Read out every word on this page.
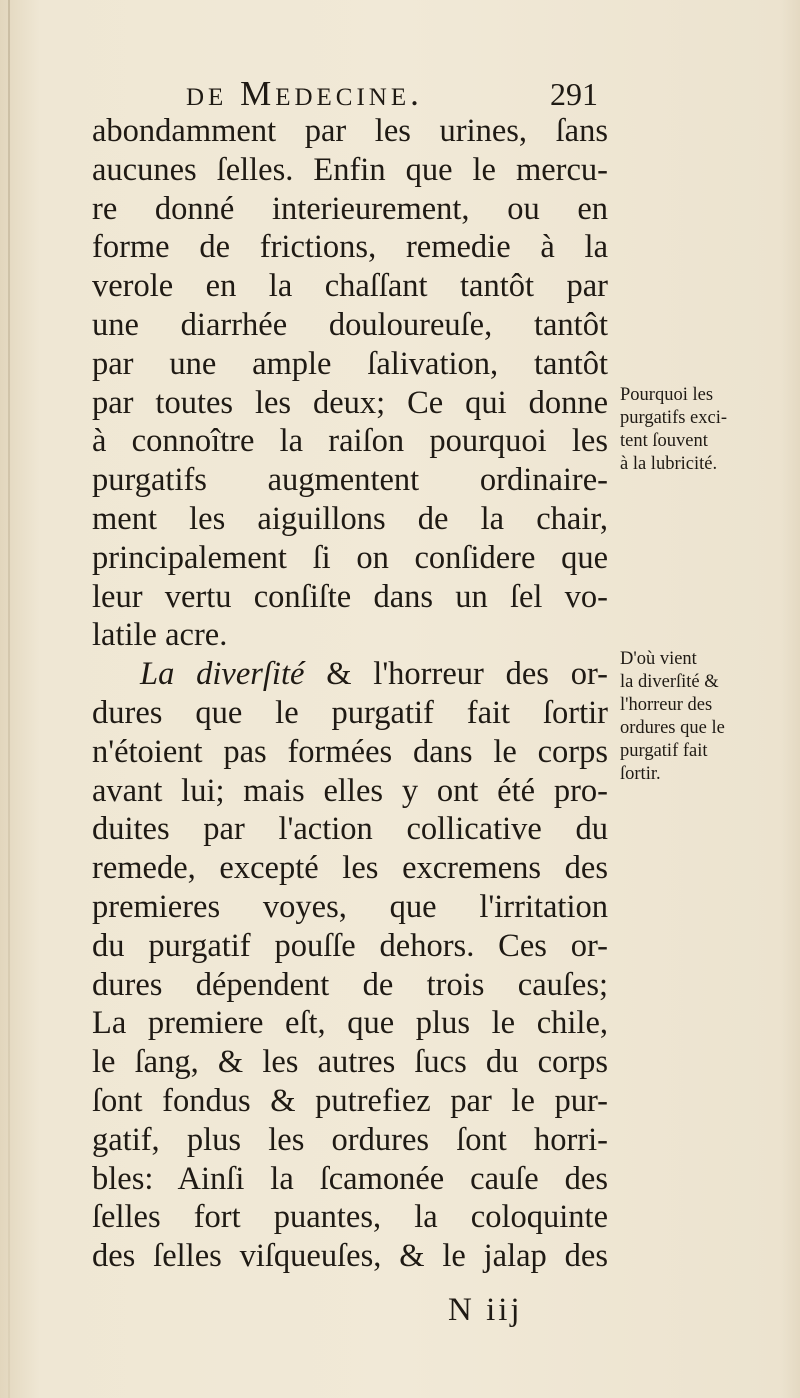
de Medecine.	291
abondamment par les urines, ſans
aucunes ſelles. Enfin que le mercu-
re donné interieurement, ou en
forme de frictions, remedie à la
verole en la chaſſant tantôt par
une diarrhée douloureuſe, tantôt
par une ample ſalivation, tantôt
par toutes les deux; Ce qui donne
à connoître la raiſon pourquoi les
purgatifs augmentent ordinaire-
ment les aiguillons de la chair,
principalement ſi on conſidere que
leur vertu conſiſte dans un ſel vo-
latile acre.
La diverſité & l'horreur des or-
dures que le purgatif fait ſortir
n'étoient pas formées dans le corps
avant lui; mais elles y ont été pro-
duites par l'action collicative du
remede, excepté les excremens des
premieres voyes, que l'irritation
du purgatif pouſſe dehors. Ces or-
dures dépendent de trois cauſes;
La premiere eſt, que plus le chile,
le ſang, & les autres ſucs du corps
ſont fondus & putrefiez par le pur-
gatif, plus les ordures ſont horri-
bles: Ainſi la ſcamonée cauſe des
ſelles fort puantes, la coloquinte
des ſelles viſqueuſes, & le jalap des
Pourquoi les
purgatifs exci-
tent ſouvent
à la lubricité.
D'où vient
la diverſité &
l'horreur des
ordures que le
purgatif fait
ſortir.
N iij
